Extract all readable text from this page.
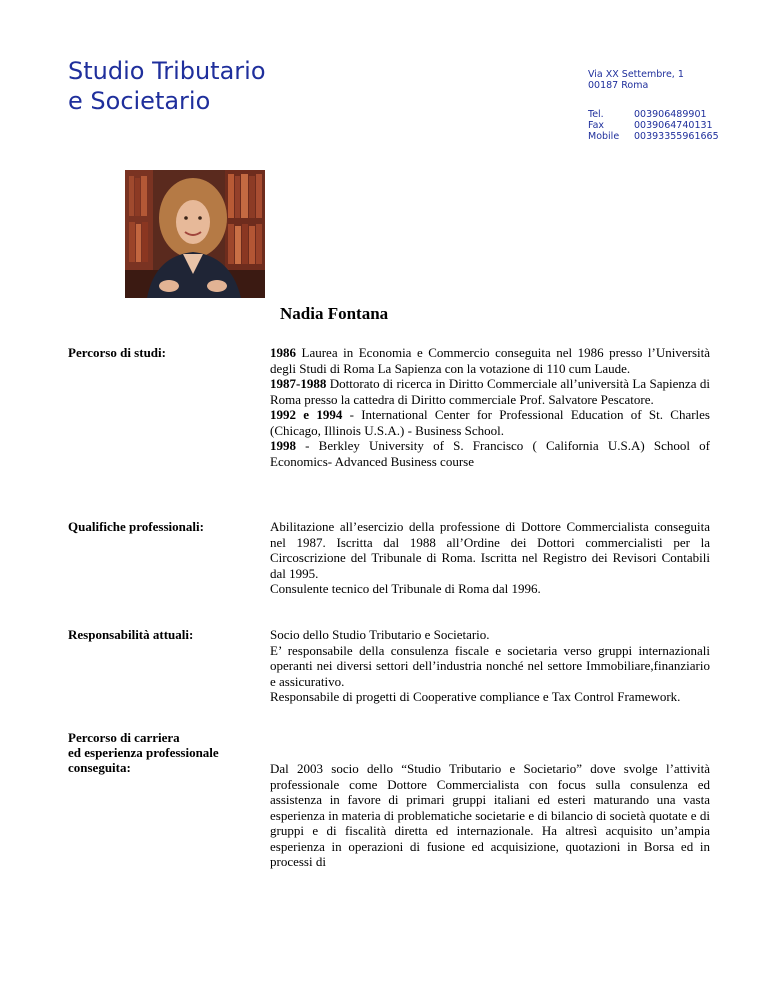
Studio Tributario
e Societario
Via XX Settembre, 1
00187 Roma
Tel.	003906489901
Fax	0039064740131
Mobile	00393355961665
Nadia Fontana
Percorso di studi:	1986 Laurea in Economia e Commercio conseguita nel 1986 presso l’Università degli Studi di Roma La Sapienza con la votazione di 110 cum Laude.

1987-1988 Dottorato di ricerca in Diritto Commerciale all’università La Sapienza di Roma presso la cattedra di Diritto commerciale Prof. Salvatore Pescatore.

1992 e 1994 - International Center for Professional Education of St. Charles (Chicago, Illinois U.S.A.) - Business School.

1998 - Berkley University of S. Francisco ( California U.S.A) School of Economics- Advanced Business course

Qualifiche professionali:	Abilitazione all’esercizio della professione di Dottore Commercialista conseguita nel 1987. Iscritta dal 1988 all’Ordine dei Dottori commercialisti per la Circoscrizione del Tribunale di Roma. Iscritta nel Registro dei Revisori Contabili dal 1995.

Consulente tecnico del Tribunale di Roma dal 1996.

Responsabilità attuali:	Socio dello Studio Tributario e Societario.

E’ responsabile della consulenza fiscale e societaria verso gruppi internazionali operanti nei diversi settori dell’industria nonché nel settore Immobiliare,finanziario e assicurativo.

Responsabile di progetti di Cooperative compliance e Tax Control Framework.

Percorso di carriera
ed esperienza professionale
conseguita:	Dal 2003 socio dello “Studio Tributario e Societario” dove svolge l’attività professionale come Dottore Commercialista con focus sulla consulenza ed assistenza in favore di primari gruppi italiani ed esteri maturando una vasta esperienza in materia di problematiche societarie e di bilancio di società quotate e di gruppi e di fiscalità diretta ed internazionale. Ha altresì acquisito un’ampia esperienza in operazioni di fusione ed acquisizione, quotazioni in Borsa ed in processi di
